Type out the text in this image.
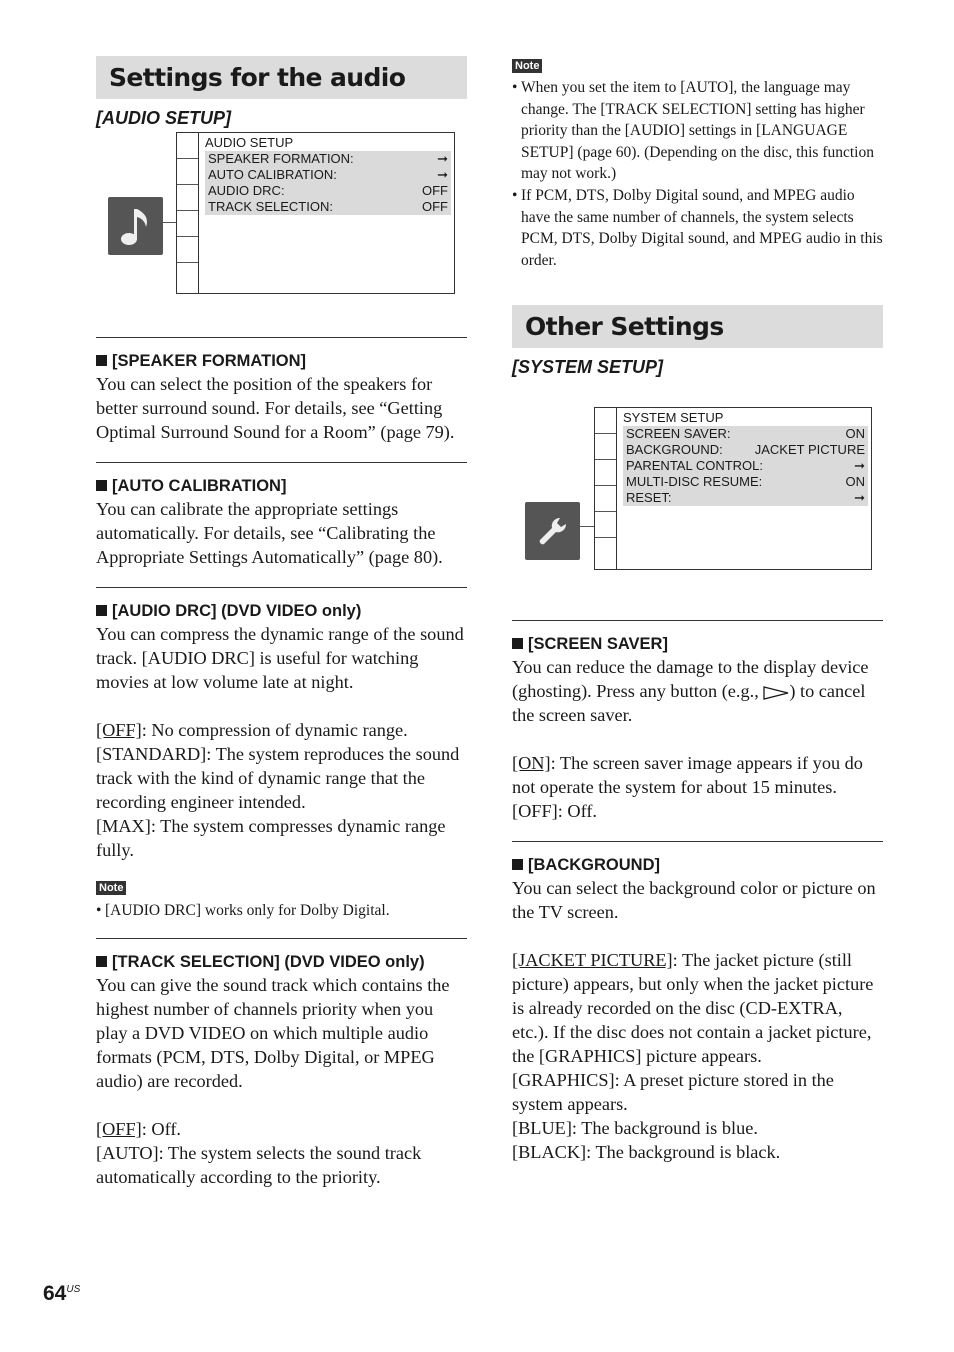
Settings for the audio
[AUDIO SETUP]
AUDIO SETUP
SPEAKER FORMATION:	➞
AUTO CALIBRATION:	➞
AUDIO DRC:	OFF
TRACK SELECTION:	OFF
[SPEAKER FORMATION]
You can select the position of the speakers for better surround sound. For details, see “Getting Optimal Surround Sound for a Room” (page 79).
[AUTO CALIBRATION]
You can calibrate the appropriate settings automatically. For details, see “Calibrating the Appropriate Settings Automatically” (page 80).
[AUDIO DRC] (DVD VIDEO only)
You can compress the dynamic range of the sound track. [AUDIO DRC] is useful for watching movies at low volume late at night.
[OFF]: No compression of dynamic range.
[STANDARD]: The system reproduces the sound track with the kind of dynamic range that the recording engineer intended.
[MAX]: The system compresses dynamic range fully.
Note
• [AUDIO DRC] works only for Dolby Digital.
[TRACK SELECTION] (DVD VIDEO only)
You can give the sound track which contains the highest number of channels priority when you play a DVD VIDEO on which multiple audio formats (PCM, DTS, Dolby Digital, or MPEG audio) are recorded.
[OFF]: Off.
[AUTO]: The system selects the sound track automatically according to the priority.
Note
• When you set the item to [AUTO], the language may change. The [TRACK SELECTION] setting has higher priority than the [AUDIO] settings in [LANGUAGE SETUP] (page 60). (Depending on the disc, this function may not work.)
• If PCM, DTS, Dolby Digital sound, and MPEG audio have the same number of channels, the system selects PCM, DTS, Dolby Digital sound, and MPEG audio in this order.
Other Settings
[SYSTEM SETUP]
SYSTEM SETUP
SCREEN SAVER:	ON
BACKGROUND: JACKET PICTURE
PARENTAL CONTROL:	➞
MULTI-DISC RESUME:	ON
RESET:	➞
[SCREEN SAVER]
You can reduce the damage to the display device (ghosting). Press any button (e.g., ) to cancel the screen saver.
[ON]: The screen saver image appears if you do not operate the system for about 15 minutes.
[OFF]: Off.
[BACKGROUND]
You can select the background color or picture on the TV screen.
[JACKET PICTURE]: The jacket picture (still picture) appears, but only when the jacket picture is already recorded on the disc (CD-EXTRA, etc.). If the disc does not contain a jacket picture, the [GRAPHICS] picture appears.
[GRAPHICS]: A preset picture stored in the system appears.
[BLUE]: The background is blue.
[BLACK]: The background is black.
$64^{US}$
